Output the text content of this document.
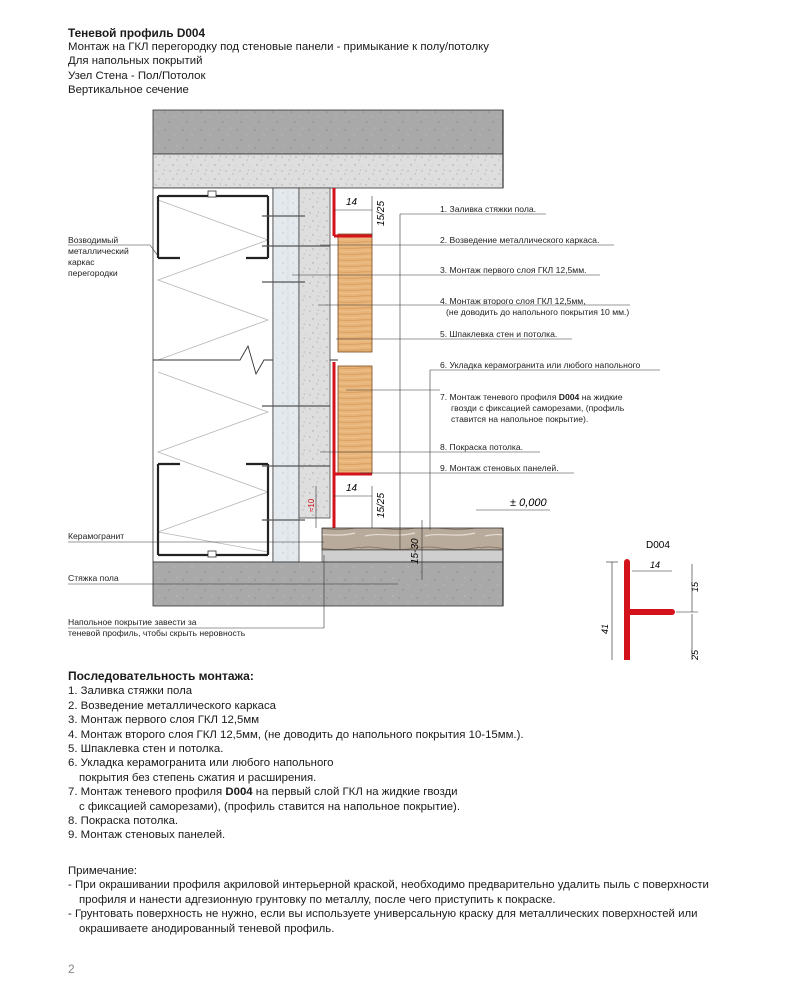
Теневой профиль D004
Монтаж на ГКЛ перегородку под стеновые панели - примыкание к полу/потолку
Для напольных покрытий
Узел Стена - Пол/Потолок
Вертикальное сечение
14 15/25
14
15/25
≈10
15-30
± 0,000
Возводимый
металлический
каркас
перегородки
Керамогранит
Стяжка пола
Напольное покрытие завести за
теневой профиль, чтобы скрыть неровность
1. Заливка стяжки пола.
2. Возведение металлического каркаса.
3. Монтаж первого слоя ГКЛ 12,5мм.
4. Монтаж второго слоя ГКЛ 12,5мм,
(не доводить до напольного покрытия 10 мм.)
5. Шпаклевка стен и потолка.
6. Укладка керамогранита или любого напольного
7. Монтаж теневого профиля D004 на жидкие
гвозди с фиксацией саморезами, (профиль
ставится на напольное покрытие).
8. Покраска потолка.
9. Монтаж стеновых панелей.
D004
14
15
41
25
Последовательность монтажа:
1. Заливка стяжки пола
2. Возведение металлического каркаса
3. Монтаж первого слоя ГКЛ 12,5мм
4. Монтаж второго слоя ГКЛ 12,5мм, (не доводить до напольного покрытия 10-15мм.).
5. Шпаклевка стен и потолка.
6. Укладка керамогранита или любого напольного
покрытия без степень сжатия и расширения.
7. Монтаж теневого профиля D004 на первый слой ГКЛ на жидкие гвозди
с фиксацией саморезами), (профиль ставится на напольное покрытие).
8. Покраска потолка.
9. Монтаж стеновых панелей.
Примечание:
- При окрашивании профиля акриловой интерьерной краской, необходимо предварительно удалить пыль с поверхности
профиля и нанести адгезионную грунтовку по металлу, после чего приступить к покраске.
- Грунтовать поверхность не нужно, если вы используете универсальную краску для металлических поверхностей или
окрашиваете анодированный теневой профиль.
2
